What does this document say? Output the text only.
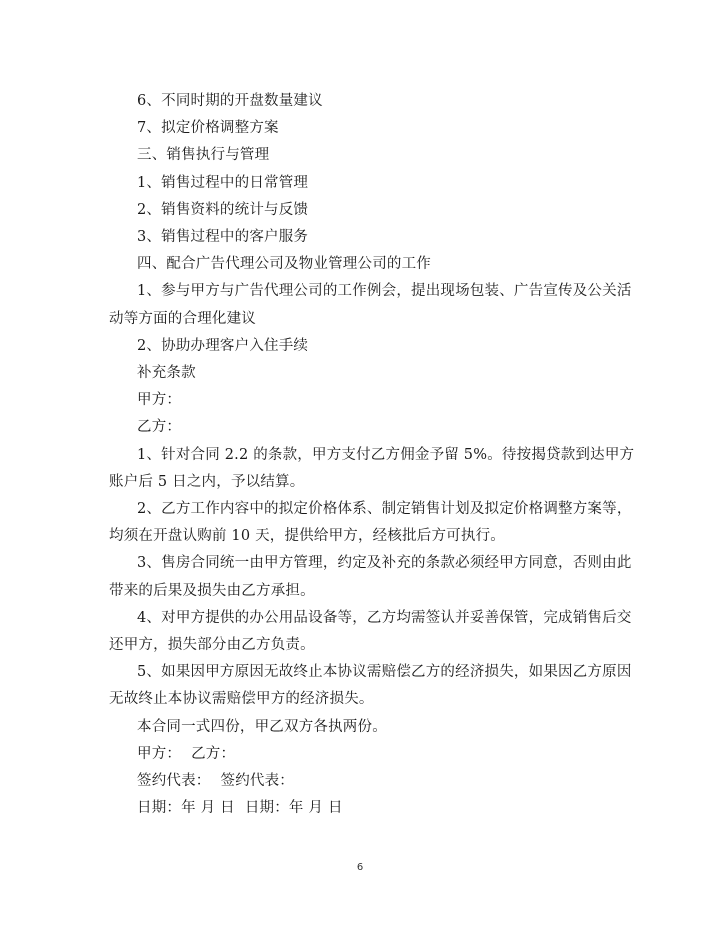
6、不同时期的开盘数量建议
7、拟定价格调整方案
三、销售执行与管理
1、销售过程中的日常管理
2、销售资料的统计与反馈
3、销售过程中的客户服务
四、配合广告代理公司及物业管理公司的工作
1、参与甲方与广告代理公司的工作例会，提出现场包装、广告宣传及公关活
动等方面的合理化建议
2、协助办理客户入住手续
补充条款
甲方：
乙方：
1、针对合同 2.2 的条款，甲方支付乙方佣金予留 5%。待按揭贷款到达甲方
账户后 5 日之内，予以结算。
2、乙方工作内容中的拟定价格体系、制定销售计划及拟定价格调整方案等，
均须在开盘认购前 10 天，提供给甲方，经核批后方可执行。
3、售房合同统一由甲方管理，约定及补充的条款必须经甲方同意，否则由此
带来的后果及损失由乙方承担。
4、对甲方提供的办公用品设备等，乙方均需签认并妥善保管，完成销售后交
还甲方，损失部分由乙方负责。
5、如果因甲方原因无故终止本协议需赔偿乙方的经济损失，如果因乙方原因
无故终止本协议需赔偿甲方的经济损失。
本合同一式四份，甲乙双方各执两份。
甲方： 乙方：
签约代表： 签约代表：
日期：年 月 日 日期：年 月 日
6
